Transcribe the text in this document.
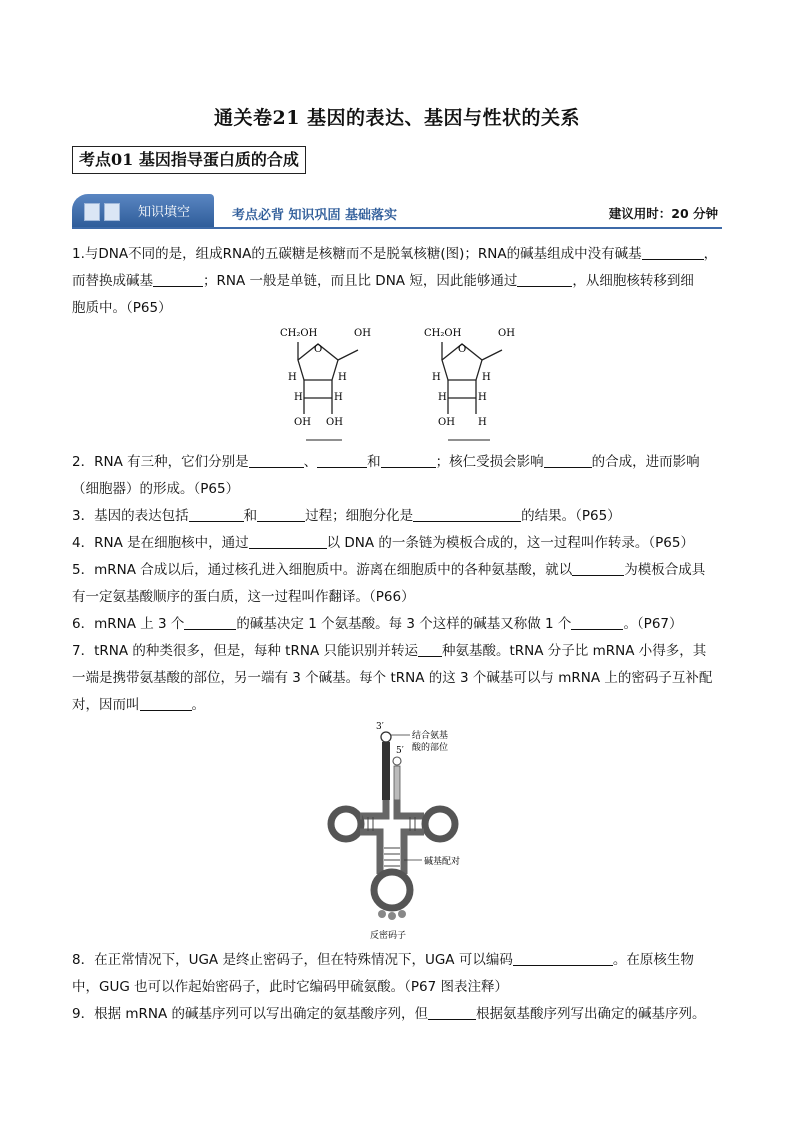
通关卷21 基因的表达、基因与性状的关系
考点01 基因指导蛋白质的合成
知识填空	考点必背 知识巩固 基础落实	建议用时：20 分钟
1.与DNA不同的是，组成RNA的五碳糖是核糖而不是脱氧核糖(图)；RNA的碱基组成中没有碱基	，
而替换成碱基	；RNA 一般是单链，而且比 DNA 短，因此能够通过	，从细胞核转移到细
胞质中。（P65）
CH₂OH
O
OH
H	H
H	H
OH OH
CH₂OH
O
OH
H	H
H	H
OH H
2．RNA 有三种，它们分别是	、	和	；核仁受损会影响	的合成，进而影响
（细胞器）的形成。（P65）
3．基因的表达包括	和	过程；细胞分化是	的结果。（P65）
4．RNA 是在细胞核中，通过	以 DNA 的一条链为模板合成的，这一过程叫作转录。（P65）
5．mRNA 合成以后，通过核孔进入细胞质中。游离在细胞质中的各种氨基酸，就以	为模板合成具
有一定氨基酸顺序的蛋白质，这一过程叫作翻译。（P66）
6．mRNA 上 3 个	的碱基决定 1 个氨基酸。每 3 个这样的碱基又称做 1 个	。（P67）
7．tRNA 的种类很多，但是，每种 tRNA 只能识别并转运 种氨基酸。tRNA 分子比 mRNA 小得多，其
一端是携带氨基酸的部位，另一端有 3 个碱基。每个 tRNA 的这 3 个碱基可以与 mRNA 上的密码子互补配
对，因而叫	。
3′
5′
结合氨基
酸的部位
碱基配对
反密码子
8．在正常情况下，UGA 是终止密码子，但在特殊情况下，UGA 可以编码	。在原核生物
中，GUG 也可以作起始密码子，此时它编码甲硫氨酸。（P67 图表注释）
9．根据 mRNA 的碱基序列可以写出确定的氨基酸序列，但	根据氨基酸序列写出确定的碱基序列。
